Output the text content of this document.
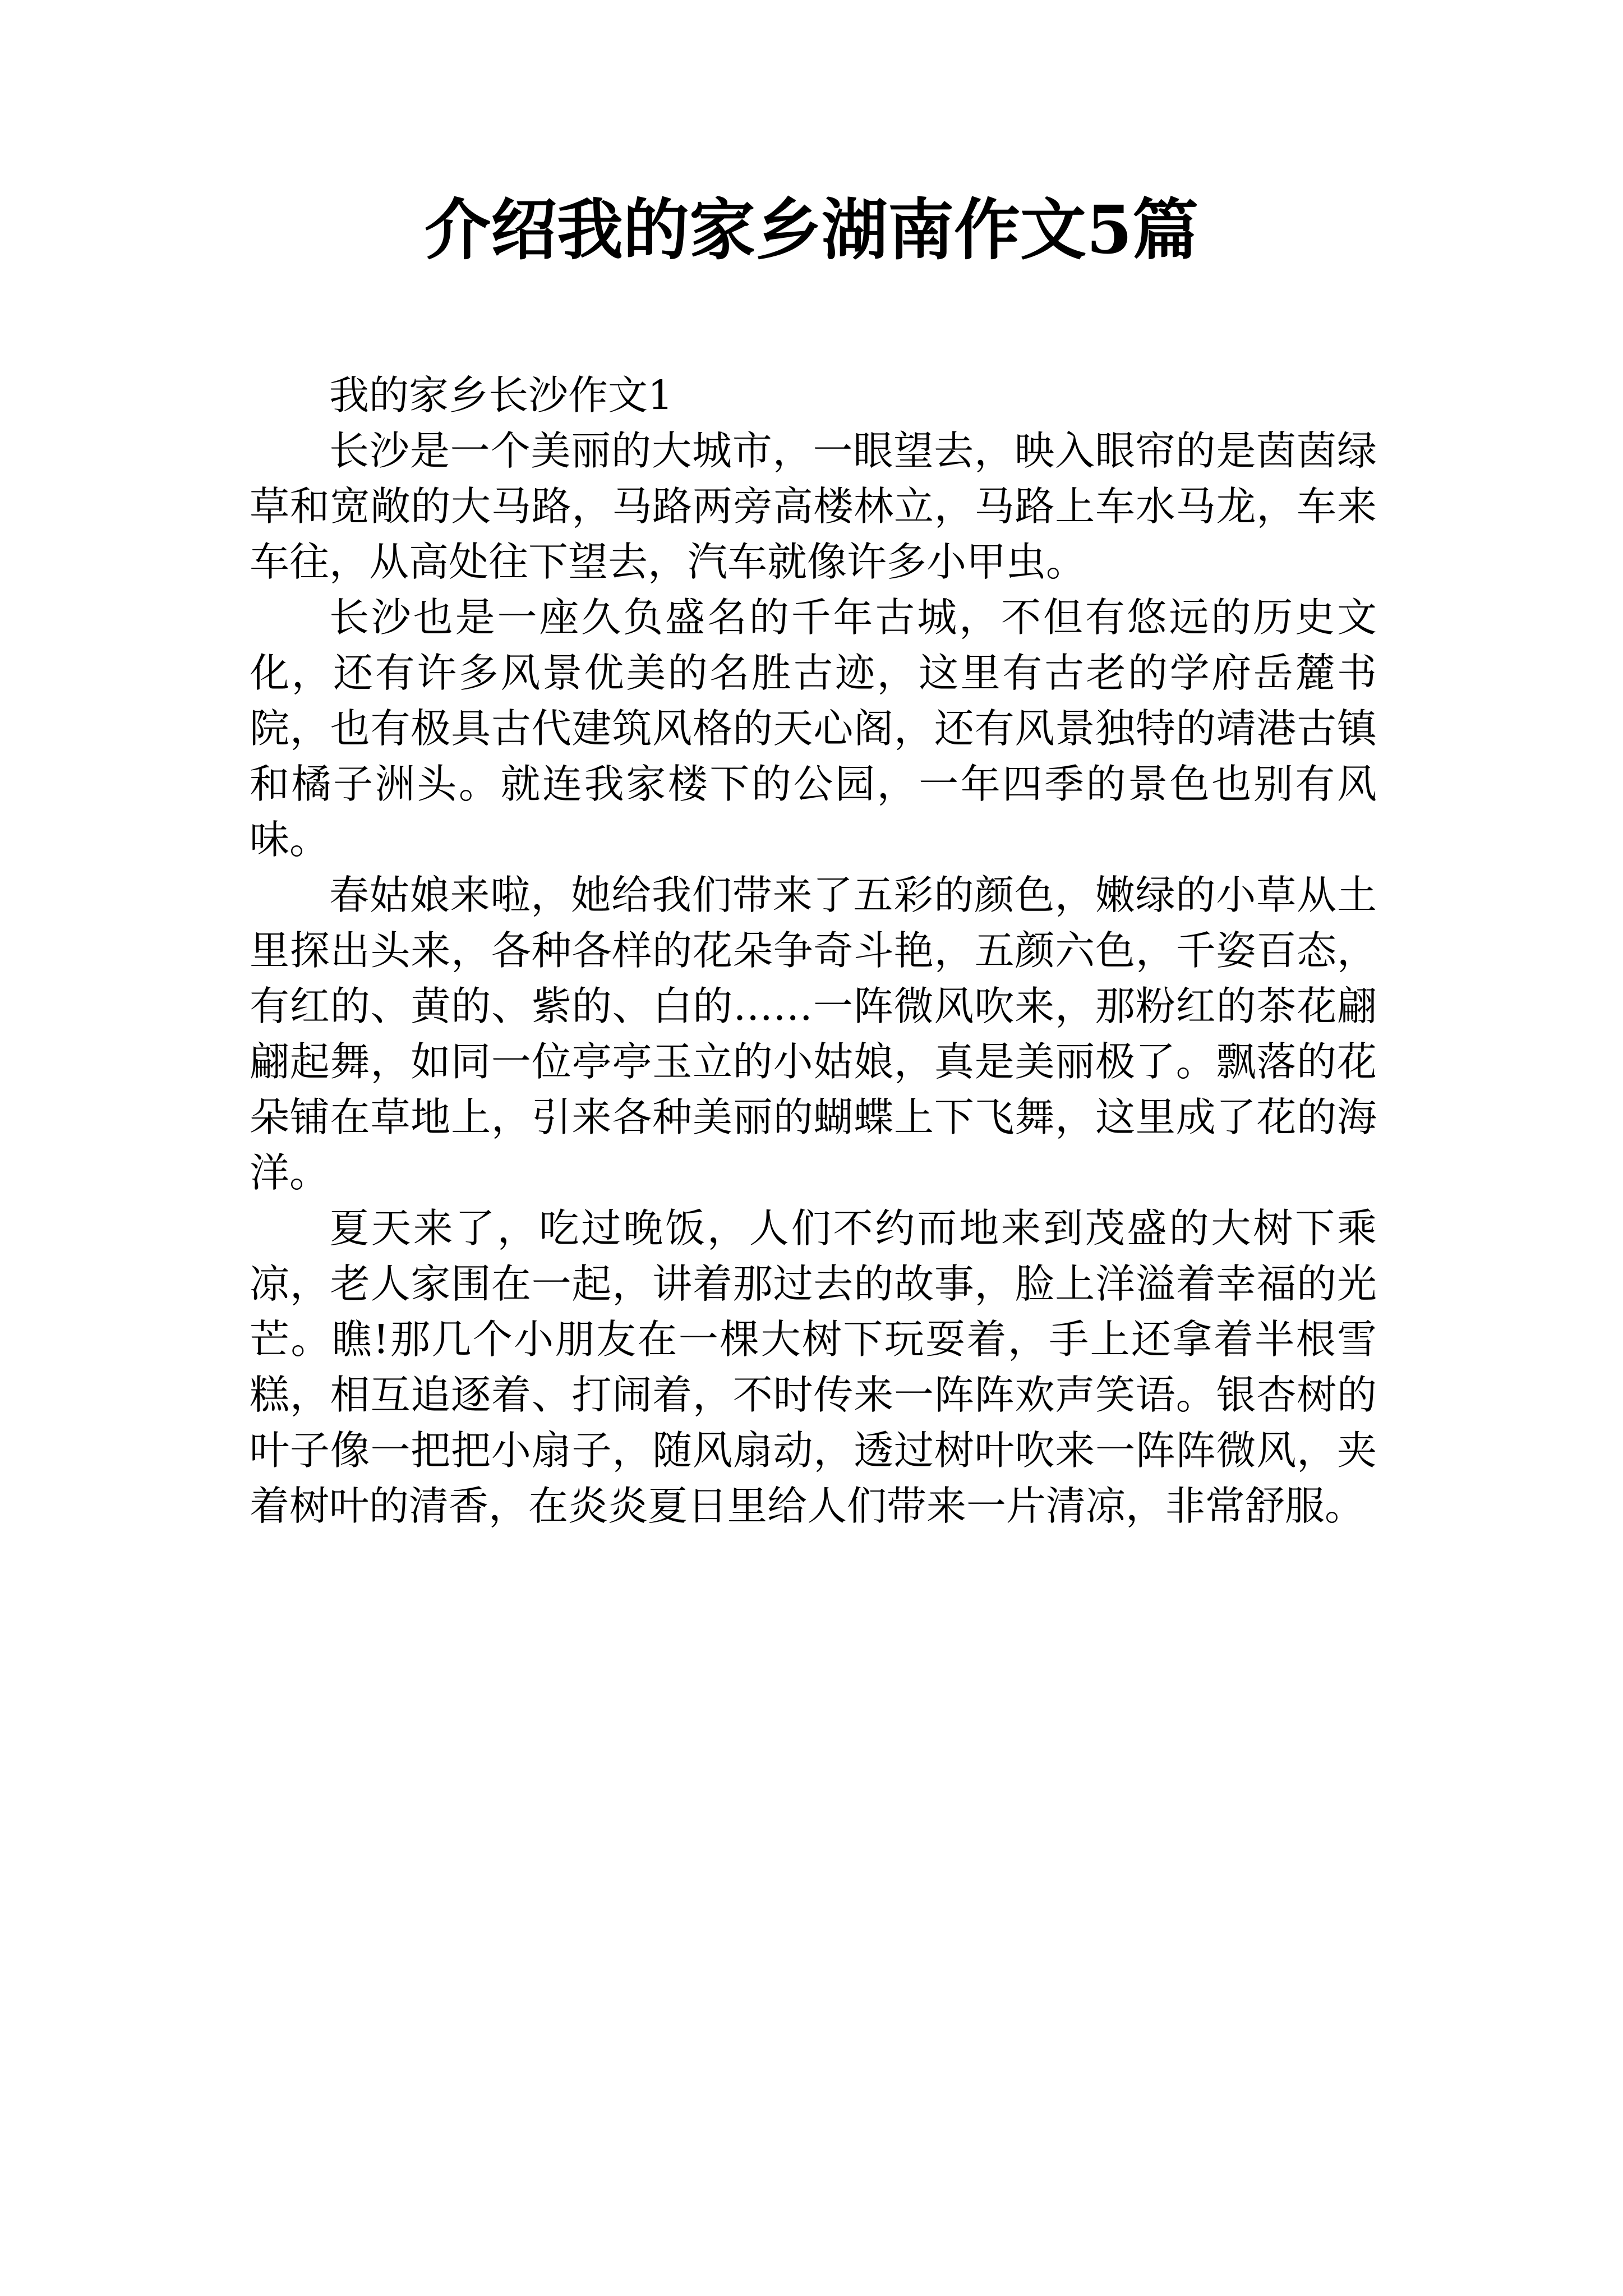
介绍我的家乡湖南作文5篇

我的家乡长沙作文1

长沙是一个美丽的大城市，一眼望去，映入眼帘的是茵茵绿草和宽敞的大马路，马路两旁高楼林立，马路上车水马龙，车来车往，从高处往下望去，汽车就像许多小甲虫。

长沙也是一座久负盛名的千年古城，不但有悠远的历史文化，还有许多风景优美的名胜古迹，这里有古老的学府岳麓书院，也有极具古代建筑风格的天心阁，还有风景独特的靖港古镇和橘子洲头。就连我家楼下的公园，一年四季的景色也别有风味。

春姑娘来啦，她给我们带来了五彩的颜色，嫩绿的小草从土里探出头来，各种各样的花朵争奇斗艳，五颜六色，千姿百态，有红的、黄的、紫的、白的……一阵微风吹来，那粉红的茶花翩翩起舞，如同一位亭亭玉立的小姑娘，真是美丽极了。飘落的花朵铺在草地上，引来各种美丽的蝴蝶上下飞舞，这里成了花的海洋。

夏天来了，吃过晚饭，人们不约而地来到茂盛的大树下乘凉，老人家围在一起，讲着那过去的故事，脸上洋溢着幸福的光芒。瞧!那几个小朋友在一棵大树下玩耍着，手上还拿着半根雪糕，相互追逐着、打闹着，不时传来一阵阵欢声笑语。银杏树的叶子像一把把小扇子，随风扇动，透过树叶吹来一阵阵微风，夹着树叶的清香，在炎炎夏日里给人们带来一片清凉，非常舒服。
